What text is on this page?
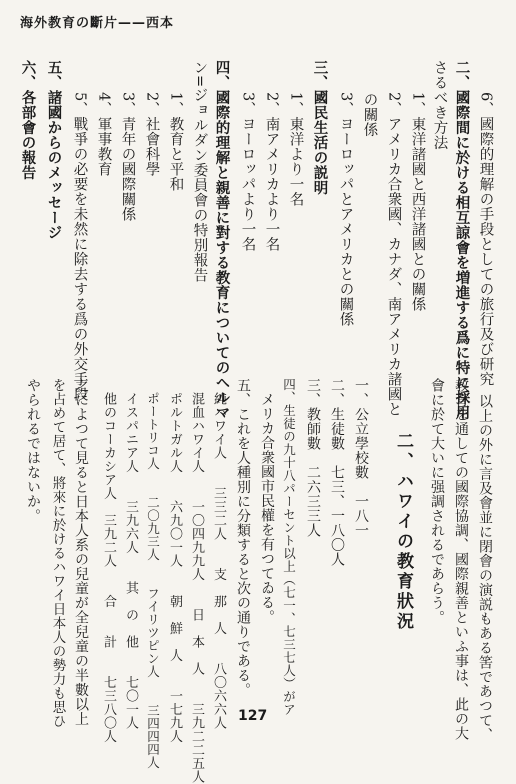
海外教育の斷片——西本
6、國際的理解の手段としての旅行及び研究
二、國際間に於ける相互諒會を増進する爲に特に採用
さるべき方法
1、東洋諸國と西洋諸國との關係
2、アメリカ合衆國、カナダ、南アメリカ諸國と
の關係
3、ヨーロッパとアメリカとの關係
三、國民生活の説明
1、東洋より一名
2、南アメリカより一名
3、ヨーロッパより一名
四、國際的理解と親善に對する教育についてのヘルマ
ン=ジョルダン委員會の特別報告
1、教育と平和
2、社會科學
3、青年の國際關係
4、軍事教育
5、戰爭の必要を未然に除去する爲の外交手段
五、諸國からのメッセージ
六、各部會の報告
以上の外に言及會並に閉會の演説もある筈であつて、
教育を通しての國際協調、國際親善といふ事は、此の大
會に於て大いに强調されるであらう。
二、ハワイの教育狀況
一、公立學校數　一八一
二、生徒數　七三、一八〇人
三、教師數　二六三三人
四、生徒の九十八パーセント以上（七一、七三七人）がア
メリカ合衆國市民權を有つてゐる。
五、これを人種別に分類すると次の通りである。
純ハワイ人　　三三二人　　支　那　人　　八〇六六人
混血ハワイ人　　一〇四九九人　　日　本　人　　三九二二五人
ポルトガル人　　六九〇一人　　朝　鮮　人　　一七九人
ポートリコ人　　二〇九三人　　フイリツピン人　　三四四四人
イスパニア人　　三九六人　　其　の　他　　七〇一人
他のコーカシア人　三九二人　　合　　計　　七三八〇人
之によつて見ると日本人系の兒童が全兒童の半數以上
を占めて居て、將來に於けるハワイ日本人の勢力も思ひ
やられるではないか。
127
